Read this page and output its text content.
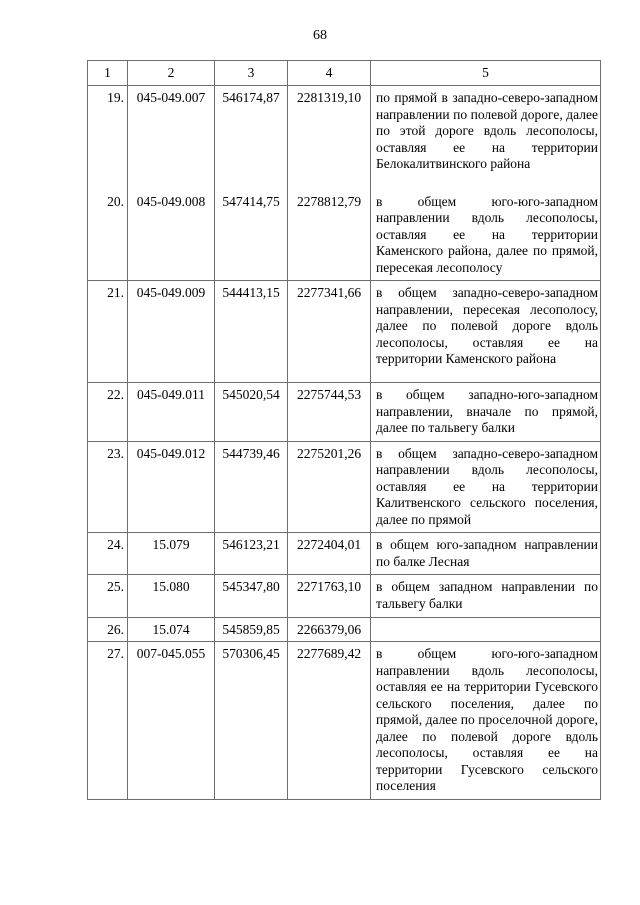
68
1	2	3	4	5
19.	045-049.007	546174,87	2281319,10	по прямой в западно-северо-западном направлении по полевой дороге, далее по этой дороге вдоль лесополосы, оставляя ее на территории Белокалитвинского района
20.	045-049.008	547414,75	2278812,79	в общем юго-юго-западном направлении вдоль лесополосы, оставляя ее на территории Каменского района, далее по прямой, пересекая лесополосу
21.	045-049.009	544413,15	2277341,66	в общем западно-северо-западном направлении, пересекая лесополосу, далее по полевой дороге вдоль лесополосы, оставляя ее на территории Каменского района
22.	045-049.011	545020,54	2275744,53	в общем западно-юго-западном направлении, вначале по прямой, далее по тальвегу балки
23.	045-049.012	544739,46	2275201,26	в общем западно-северо-западном направлении вдоль лесополосы, оставляя ее на территории Калитвенского сельского поселения, далее по прямой
24.	15.079	546123,21	2272404,01	в общем юго-западном направлении по балке Лесная
25.	15.080	545347,80	2271763,10	в общем западном направлении по тальвегу балки
26.	15.074	545859,85	2266379,06	
27.	007-045.055	570306,45	2277689,42	в общем юго-юго-западном направлении вдоль лесополосы, оставляя ее на территории Гусевского сельского поселения, далее по прямой, далее по проселочной дороге, далее по полевой дороге вдоль лесополосы, оставляя ее на территории Гусевского сельского поселения
